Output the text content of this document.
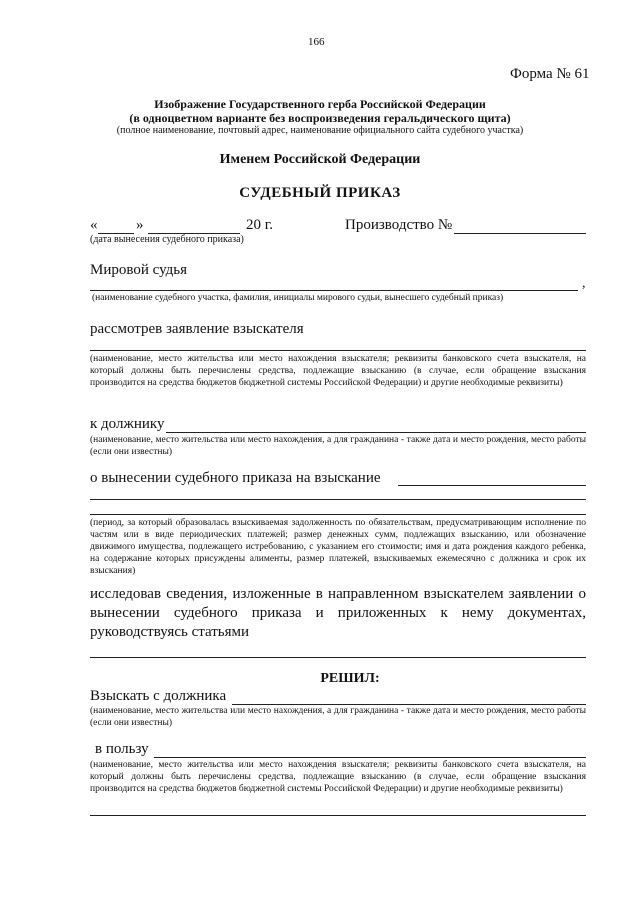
166
Форма № 61
Изображение Государственного герба Российской Федерации
(в одноцветном варианте без воспроизведения геральдического щита)
(полное наименование, почтовый адрес, наименование официального сайта судебного участка)
Именем Российской Федерации
СУДЕБНЫЙ ПРИКАЗ
«	»	20 г.
(дата вынесения судебного приказа)
Производство №
Мировой судья
,
(наименование судебного участка, фамилия, инициалы мирового судьи, вынесшего судебный приказ)
рассмотрев заявление взыскателя
(наименование, место жительства или место нахождения взыскателя; реквизиты банковского счета взыскателя, на который должны быть перечислены средства, подлежащие взысканию (в случае, если обращение взыскания производится на средства бюджетов бюджетной системы Российской Федерации) и другие необходимые реквизиты)
к должнику
(наименование, место жительства или место нахождения, а для гражданина - также дата и место рождения, место работы (если они известны)
о вынесении судебного приказа на взыскание
(период, за который образовалась взыскиваемая задолженность по обязательствам, предусматривающим исполнение по частям или в виде периодических платежей; размер денежных сумм, подлежащих взысканию, или обозначение движимого имущества, подлежащего истребованию, с указанием его стоимости; имя и дата рождения каждого ребенка, на содержание которых присуждены алименты, размер платежей, взыскиваемых ежемесячно с должника и срок их взыскания)
исследовав сведения, изложенные в направленном взыскателем заявлении о вынесении судебного приказа и приложенных к нему документах, руководствуясь статьями
РЕШИЛ:
Взыскать с должника
(наименование, место жительства или место нахождения, а для гражданина - также дата и место рождения, место работы (если они известны)
в пользу
(наименование, место жительства или место нахождения взыскателя; реквизиты банковского счета взыскателя, на который должны быть перечислены средства, подлежащие взысканию (в случае, если обращение взыскания производится на средства бюджетов бюджетной системы Российской Федерации) и другие необходимые реквизиты)
